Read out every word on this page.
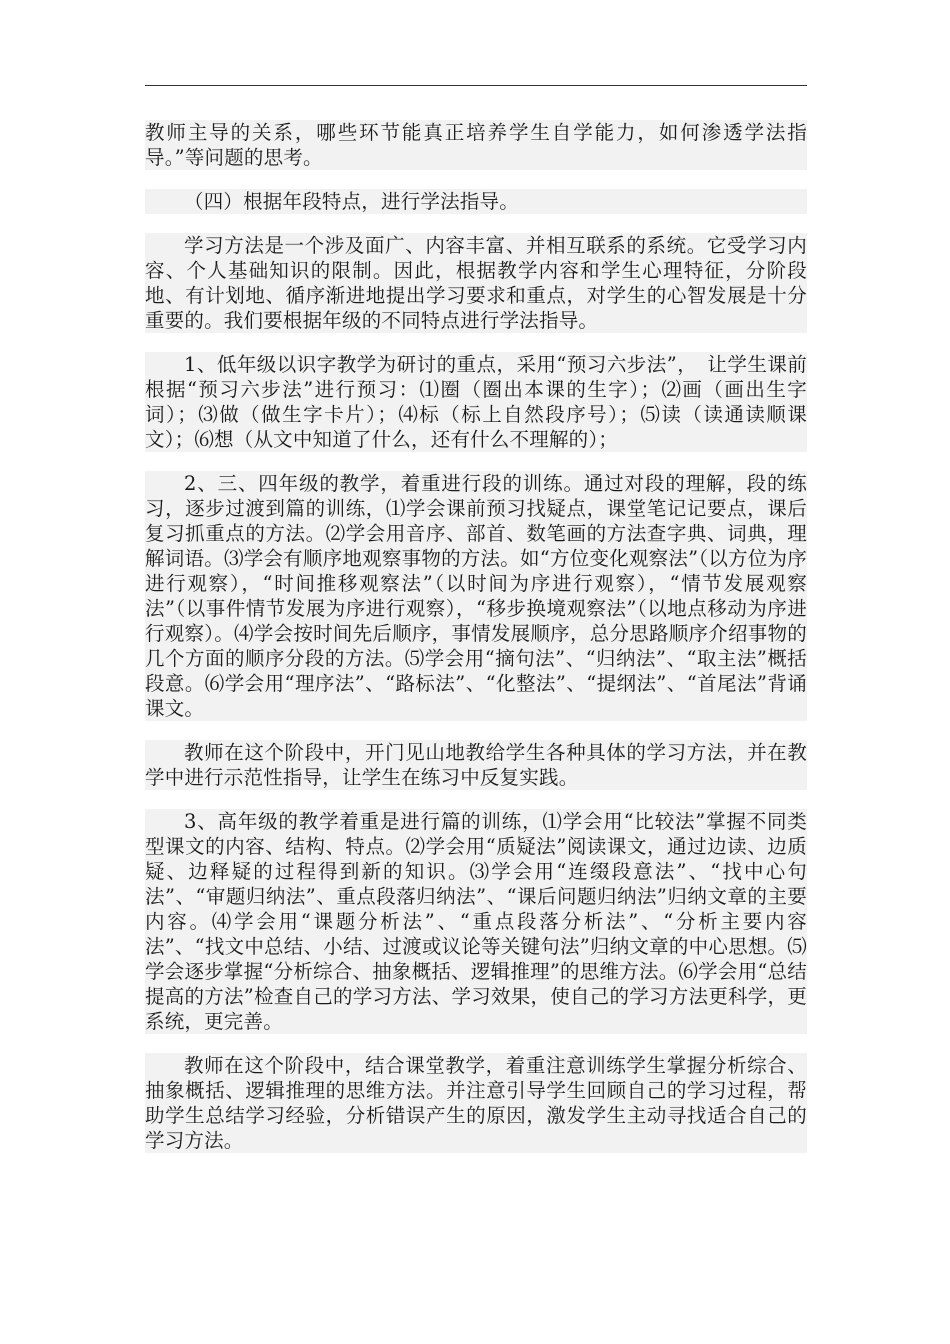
教师主导的关系，哪些环节能真正培养学生自学能力，如何渗透学法指导。”等问题的思考。

（四）根据年段特点，进行学法指导。

学习方法是一个涉及面广、内容丰富、并相互联系的系统。它受学习内容、个人基础知识的限制。因此，根据教学内容和学生心理特征，分阶段地、有计划地、循序渐进地提出学习要求和重点，对学生的心智发展是十分重要的。我们要根据年级的不同特点进行学法指导。

1、低年级以识字教学为研讨的重点，采用“预习六步法”，　让学生课前根据“预习六步法”进行预习：⑴圈（圈出本课的生字）；⑵画（画出生字词）；⑶做（做生字卡片）；⑷标（标上自然段序号）；⑸读（读通读顺课文）；⑹想（从文中知道了什么，还有什么不理解的）；

2、三、四年级的教学，着重进行段的训练。通过对段的理解，段的练习，逐步过渡到篇的训练，⑴学会课前预习找疑点，课堂笔记记要点，课后复习抓重点的方法。⑵学会用音序、部首、数笔画的方法查字典、词典，理解词语。⑶学会有顺序地观察事物的方法。如“方位变化观察法”（以方位为序进行观察），“时间推移观察法”（以时间为序进行观察），“情节发展观察法”（以事件情节发展为序进行观察），“移步换境观察法”（以地点移动为序进行观察）。⑷学会按时间先后顺序，事情发展顺序，总分思路顺序介绍事物的几个方面的顺序分段的方法。⑸学会用“摘句法”、“归纳法”、“取主法”概括段意。⑹学会用“理序法”、“路标法”、“化整法”、“提纲法”、“首尾法”背诵课文。

教师在这个阶段中，开门见山地教给学生各种具体的学习方法，并在教学中进行示范性指导，让学生在练习中反复实践。

3、高年级的教学着重是进行篇的训练，⑴学会用“比较法”掌握不同类型课文的内容、结构、特点。⑵学会用“质疑法”阅读课文，通过边读、边质疑、边释疑的过程得到新的知识。⑶学会用“连缀段意法”、“找中心句法”、“审题归纳法”、重点段落归纳法”、“课后问题归纳法”归纳文章的主要内容。⑷学会用“课题分析法”、“重点段落分析法”、“分析主要内容法”、“找文中总结、小结、过渡或议论等关键句法”归纳文章的中心思想。⑸学会逐步掌握“分析综合、抽象概括、逻辑推理”的思维方法。⑹学会用“总结提高的方法”检查自己的学习方法、学习效果，使自己的学习方法更科学，更系统，更完善。

教师在这个阶段中，结合课堂教学，着重注意训练学生掌握分析综合、抽象概括、逻辑推理的思维方法。并注意引导学生回顾自己的学习过程，帮助学生总结学习经验，分析错误产生的原因，激发学生主动寻找适合自己的学习方法。
